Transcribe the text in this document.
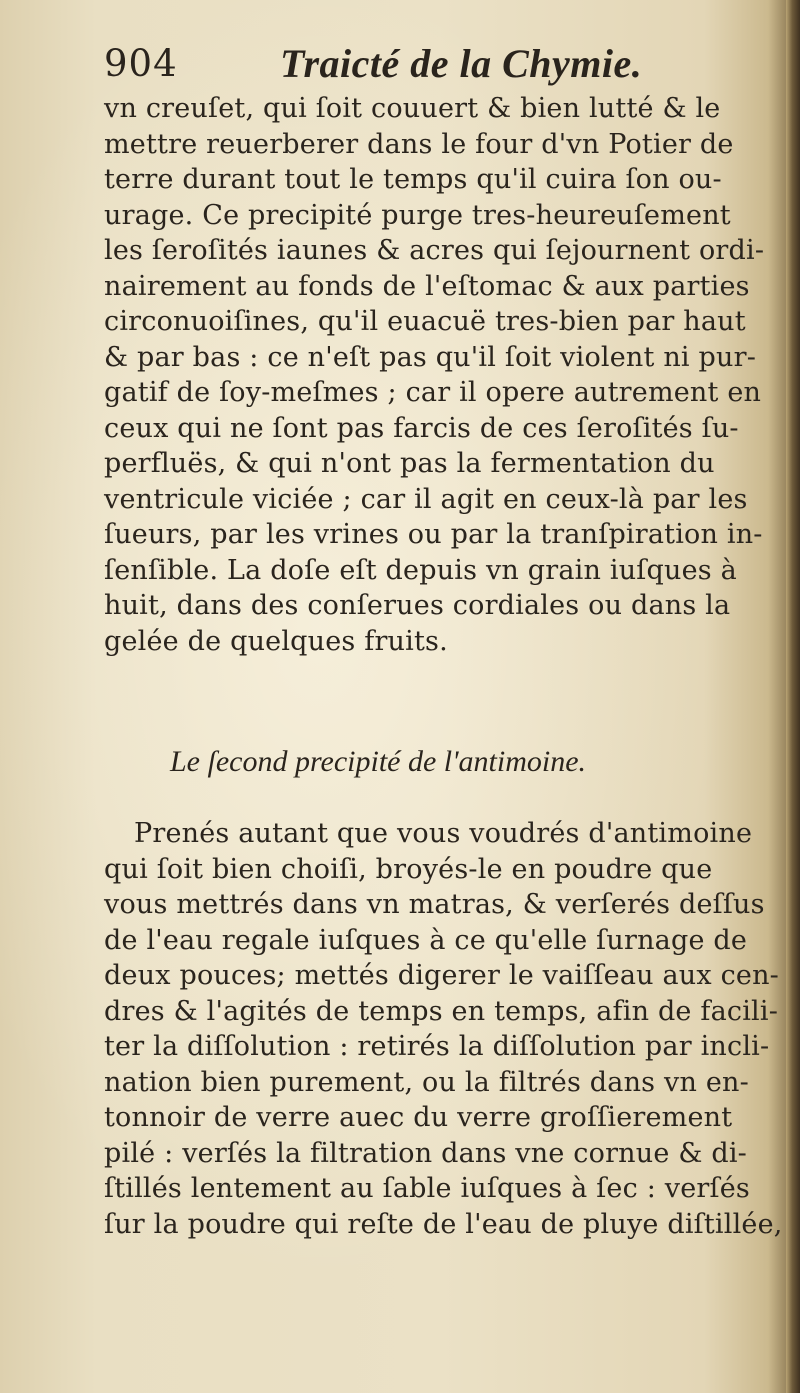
904	Traicté de la Chymie.
vn creuſet, qui ſoit couuert & bien lutté & le
mettre reuerberer dans le four d'vn Potier de
terre durant tout le temps qu'il cuira ſon ou-
urage. Ce precipité purge tres-heureuſement
les ſeroſités iaunes & acres qui ſejournent ordi-
nairement au fonds de l'eſtomac & aux parties
circonuoiſines, qu'il euacuë tres-bien par haut
& par bas : ce n'eſt pas qu'il ſoit violent ni pur-
gatif de ſoy-meſmes ; car il opere autrement en
ceux qui ne ſont pas farcis de ces ſeroſités ſu-
perfluës, & qui n'ont pas la fermentation du
ventricule viciée ; car il agit en ceux-là par les
ſueurs, par les vrines ou par la tranſpiration in-
ſenſible. La doſe eſt depuis vn grain iuſques à
huit, dans des conſerues cordiales ou dans la
gelée de quelques fruits.
Le ſecond precipité de l'antimoine.
Prenés autant que vous voudrés d'antimoine
qui ſoit bien choiſi, broyés-le en poudre que
vous mettrés dans vn matras, & verſerés deſſus
de l'eau regale iuſques à ce qu'elle ſurnage de
deux pouces; mettés digerer le vaiſſeau aux cen-
dres & l'agités de temps en temps, afin de facili-
ter la diſſolution : retirés la diſſolution par incli-
nation bien purement, ou la filtrés dans vn en-
tonnoir de verre auec du verre groſſierement
pilé : verſés la filtration dans vne cornue & di-
ſtillés lentement au ſable iuſques à ſec : verſés
ſur la poudre qui reſte de l'eau de pluye diſtillée,
